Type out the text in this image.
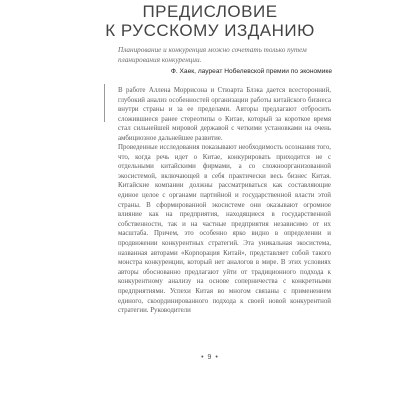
ПРЕДИСЛОВИЕ
К РУССКОМУ ИЗДАНИЮ
Планирование и конкуренция можно сочетать только путем планирования конкуренции.
Ф. Хаек, лауреат Нобелевской премии по экономике
В работе Аллена Моррисона и Стюарта Блэка дается всесторонний, глубокий анализ особенностей организации работы китайского бизнеса внутри страны и за ее пределами. Авторы предлагают отбросить сложившиеся ранее стереотипы о Китае, который за короткое время стал сильнейшей мировой державой с четкими установками на очень амбициозное дальнейшее развитие.
Проведенные исследования показывают необходимость осознания того, что, когда речь идет о Китае, конкурировать приходится не с отдельными китайскими фирмами, а со сложноорганизованной экосистемой, включающей в себя практически весь бизнес Китая. Китайские компании должны рассматриваться как составляющие единое целое с органами партийной и государственной власти этой страны. В сформированной экосистеме они оказывают огромное влияние как на предприятия, находящиеся в государственной собственности, так и на частные предприятия независимо от их масштаба. Причем, это особенно ярко видно в определении и продвижении конкурентных стратегий. Эта уникальная экосистема, названная авторами «Корпорация Китай», представляет собой такого монстра конкуренции, который нет аналогов в мире. В этих условиях авторы обоснованно предлагают уйти от традиционного подхода к конкурентному анализу на основе соперничества с конкретными предприятиями. Успехи Китая во многом связаны с применением единого, скоординированного подхода к своей новой конкурентной стратегии. Руководители
• 9 •
